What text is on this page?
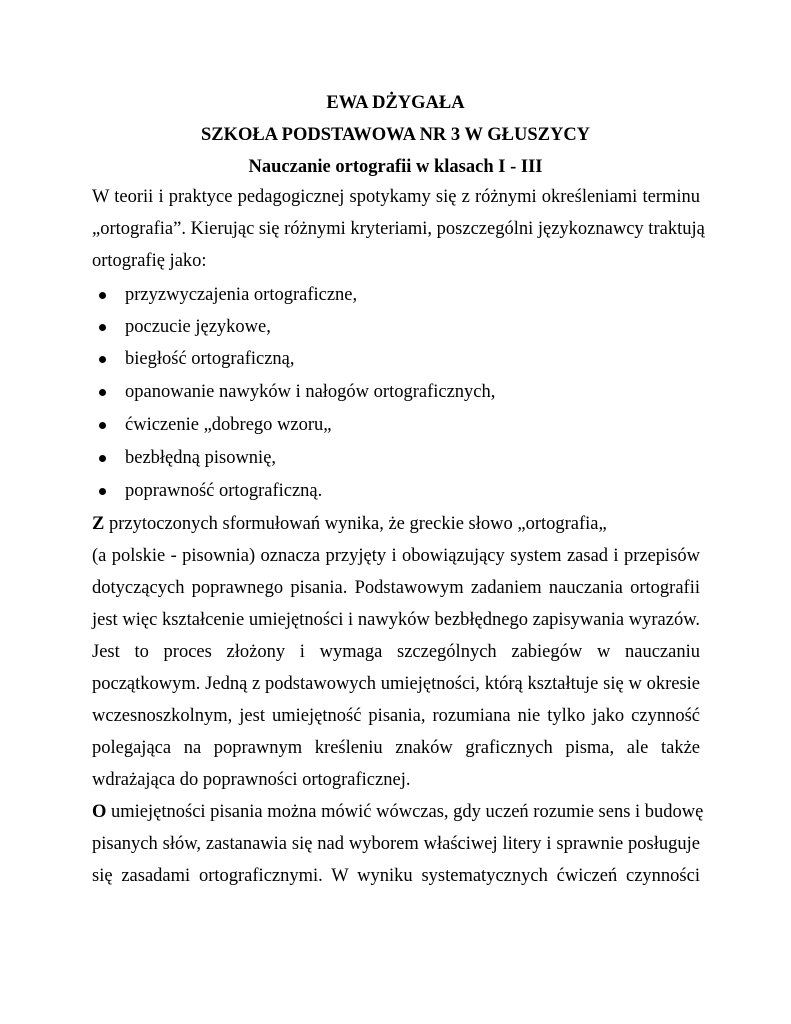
EWA DŻYGAŁA
SZKOŁA PODSTAWOWA NR 3 W GŁUSZYCY
Nauczanie ortografii w klasach I - III
W teorii i praktyce pedagogicznej spotykamy się z różnymi określeniami terminu
„ortografia”. Kierując się różnymi kryteriami, poszczególni językoznawcy traktują
ortografię jako:
przyzwyczajenia ortograficzne,
poczucie językowe,
biegłość ortograficzną,
opanowanie nawyków i nałogów ortograficznych,
ćwiczenie „dobrego wzoru„
bezbłędną pisownię,
poprawność ortograficzną.
Z przytoczonych sformułowań wynika, że greckie słowo „ortografia„
(a polskie - pisownia) oznacza przyjęty i obowiązujący system zasad i przepisów
dotyczących poprawnego pisania. Podstawowym zadaniem nauczania ortografii
jest więc kształcenie umiejętności i nawyków bezbłędnego zapisywania wyrazów.
Jest to proces złożony i wymaga szczególnych zabiegów w nauczaniu
początkowym. Jedną z podstawowych umiejętności, którą kształtuje się w okresie
wczesnoszkolnym, jest umiejętność pisania, rozumiana nie tylko jako czynność
polegająca na poprawnym kreśleniu znaków graficznych pisma, ale także
wdrażająca do poprawności ortograficznej.
O umiejętności pisania można mówić wówczas, gdy uczeń rozumie sens i budowę
pisanych słów, zastanawia się nad wyborem właściwej litery i sprawnie posługuje
się zasadami ortograficznymi. W wyniku systematycznych ćwiczeń czynności
